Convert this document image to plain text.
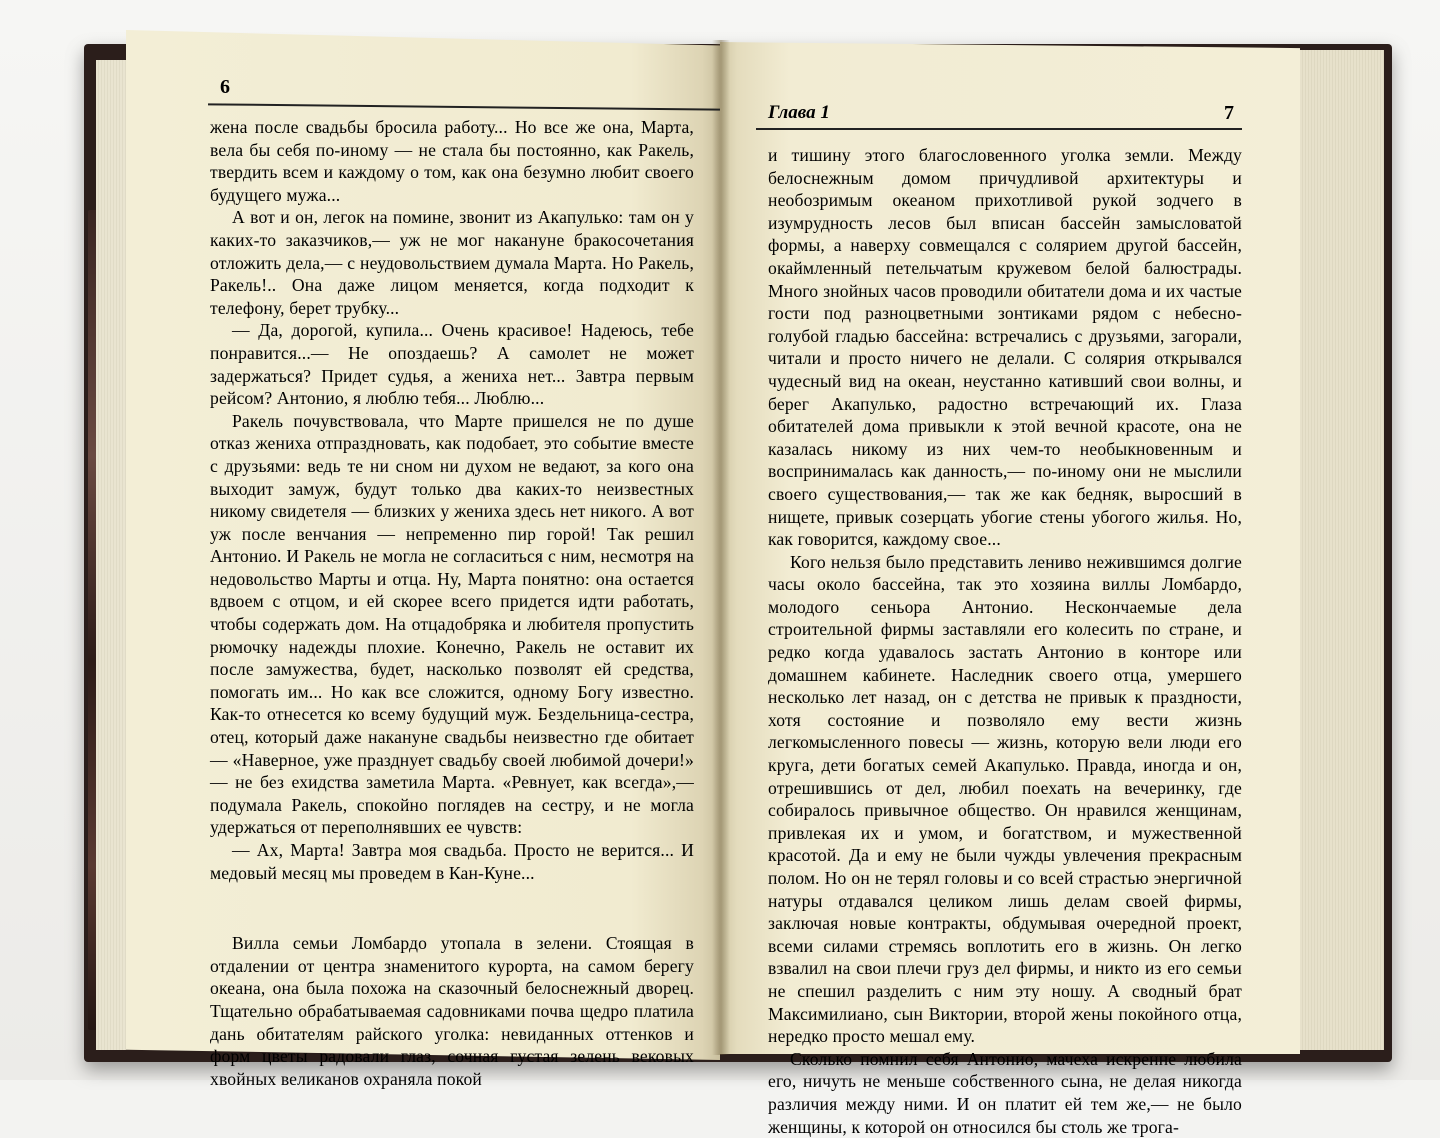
6

жена после свадьбы бросила работу... Но все же она, Марта, вела бы себя по-иному — не стала бы постоянно, как Ракель, твердить всем и каждому о том, как она безумно любит своего будущего мужа...

А вот и он, легок на помине, звонит из Акапулько: там он у каких-то заказчиков,— уж не мог накануне бракосочетания отложить дела,— с неудовольствием думала Марта. Но Ракель, Ракель!.. Она даже лицом меняется, когда подходит к телефону, берет трубку...

— Да, дорогой, купила... Очень красивое! Надеюсь, тебе понравится...— Не опоздаешь? А самолет не может задержаться? Придет судья, а жениха нет... Завтра первым рейсом? Антонио, я люблю тебя... Люблю...

Ракель почувствовала, что Марте пришелся не по душе отказ жениха отпраздновать, как подобает, это событие вместе с друзьями: ведь те ни сном ни духом не ведают, за кого она выходит замуж, будут только два каких-то неизвестных никому свидетеля — близких у жениха здесь нет никого. А вот уж после венчания — непременно пир горой! Так решил Антонио. И Ракель не могла не согласиться с ним, несмотря на недовольство Марты и отца. Ну, Марта понятно: она остается вдвоем с отцом, и ей скорее всего придется идти работать, чтобы содержать дом. На отцадобряка и любителя пропустить рюмочку надежды плохие. Конечно, Ракель не оставит их после замужества, будет, насколько позволят ей средства, помогать им... Но как все сложится, одному Богу известно. Как-то отнесется ко всему будущий муж. Бездельница-сестра, отец, который даже накануне свадьбы неизвестно где обитает— «Наверное, уже празднует свадьбу своей любимой дочери!» — не без ехидства заметила Марта. «Ревнует, как всегда»,— подумала Ракель, спокойно поглядев на сестру, и не могла удержаться от переполнявших ее чувств:

— Ах, Марта! Завтра моя свадьба. Просто не верится... И медовый месяц мы проведем в Кан-Куне...

Вилла семьи Ломбардо утопала в зелени. Стоящая в отдалении от центра знаменитого курорта, на самом берегу океана, она была похожа на сказочный белоснежный дворец. Тщательно обрабатываемая садовниками почва щедро платила дань обитателям райского уголка: невиданных оттенков и форм цветы радовали глаз, сочная густая зелень вековых хвойных великанов охраняла покой

Глава 1	7

и тишину этого благословенного уголка земли. Между белоснежным домом причудливой архитектуры и необозримым океаном прихотливой рукой зодчего в изумрудность лесов был вписан бассейн замысловатой формы, а наверху совмещался с солярием другой бассейн, окаймленный петельчатым кружевом белой балюстрады. Много знойных часов проводили обитатели дома и их частые гости под разноцветными зонтиками рядом с небесно-голубой гладью бассейна: встречались с друзьями, загорали, читали и просто ничего не делали. С солярия открывался чудесный вид на океан, неустанно кативший свои волны, и берег Акапулько, радостно встречающий их. Глаза обитателей дома привыкли к этой вечной красоте, она не казалась никому из них чем-то необыкновенным и воспринималась как данность,— по-иному они не мыслили своего существования,— так же как бедняк, выросший в нищете, привык созерцать убогие стены убогого жилья. Но, как говорится, каждому свое...

Кого нельзя было представить лениво нежившимся долгие часы около бассейна, так это хозяина виллы Ломбардо, молодого сеньора Антонио. Нескончаемые дела строительной фирмы заставляли его колесить по стране, и редко когда удавалось застать Антонио в конторе или домашнем кабинете. Наследник своего отца, умершего несколько лет назад, он с детства не привык к праздности, хотя состояние и позволяло ему вести жизнь легкомысленного повесы — жизнь, которую вели люди его круга, дети богатых семей Акапулько. Правда, иногда и он, отрешившись от дел, любил поехать на вечеринку, где собиралось привычное общество. Он нравился женщинам, привлекая их и умом, и богатством, и мужественной красотой. Да и ему не были чужды увлечения прекрасным полом. Но он не терял головы и со всей страстью энергичной натуры отдавался целиком лишь делам своей фирмы, заключая новые контракты, обдумывая очередной проект, всеми силами стремясь воплотить его в жизнь. Он легко взвалил на свои плечи груз дел фирмы, и никто из его семьи не спешил разделить с ним эту ношу. А сводный брат Максимилиано, сын Виктории, второй жены покойного отца, нередко просто мешал ему.

Сколько помнил себя Антонио, мачеха искренне любила его, ничуть не меньше собственного сына, не делая никогда различия между ними. И он платит ей тем же,— не было женщины, к которой он относился бы столь же трога-
